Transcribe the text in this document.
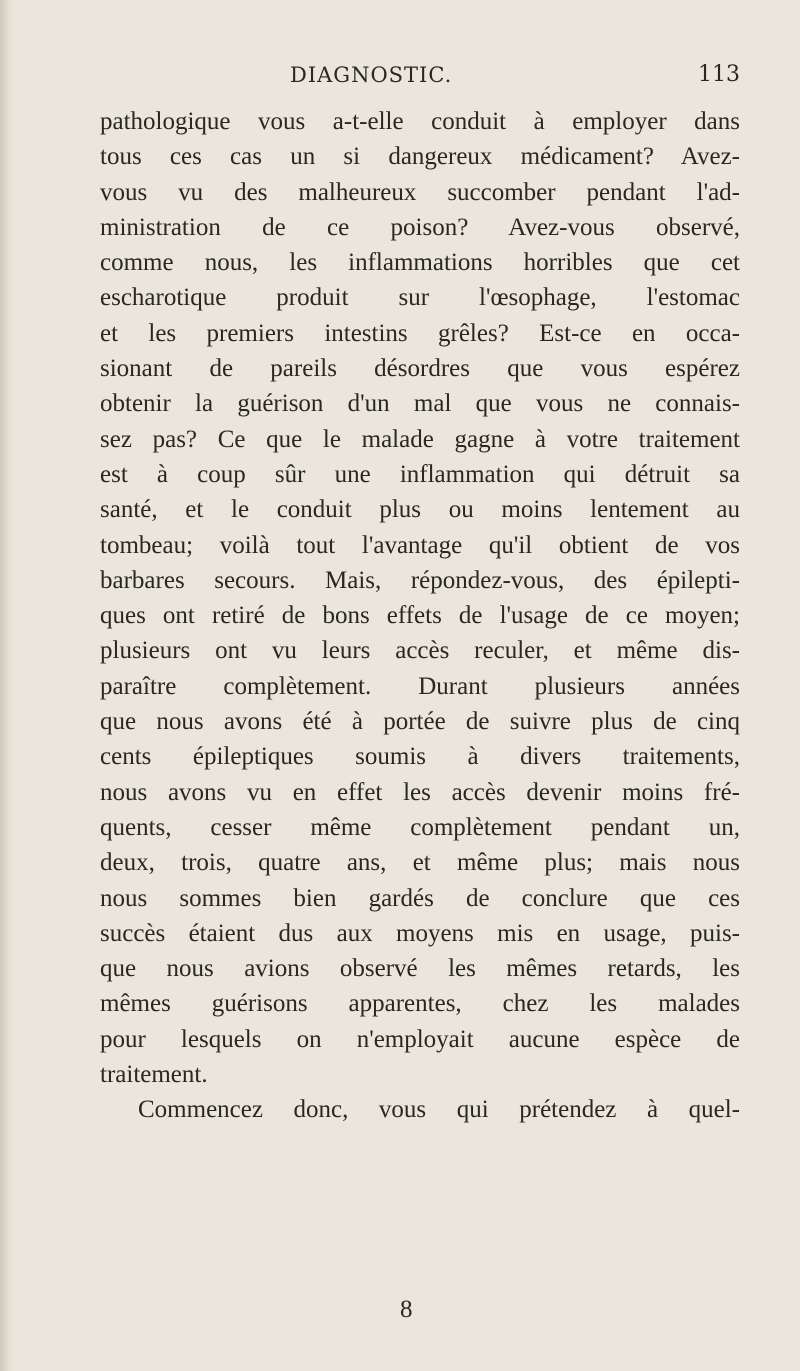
DIAGNOSTIC.	113
pathologique vous a-t-elle conduit à employer dans
tous ces cas un si dangereux médicament? Avez-
vous vu des malheureux succomber pendant l'ad-
ministration de ce poison? Avez-vous observé,
comme nous, les inflammations horribles que cet
escharotique produit sur l'œsophage, l'estomac
et les premiers intestins grêles? Est-ce en occa-
sionant de pareils désordres que vous espérez
obtenir la guérison d'un mal que vous ne connais-
sez pas? Ce que le malade gagne à votre traitement
est à coup sûr une inflammation qui détruit sa
santé, et le conduit plus ou moins lentement au
tombeau; voilà tout l'avantage qu'il obtient de vos
barbares secours. Mais, répondez-vous, des épilepti-
ques ont retiré de bons effets de l'usage de ce moyen;
plusieurs ont vu leurs accès reculer, et même dis-
paraître complètement. Durant plusieurs années
que nous avons été à portée de suivre plus de cinq
cents épileptiques soumis à divers traitements,
nous avons vu en effet les accès devenir moins fré-
quents, cesser même complètement pendant un,
deux, trois, quatre ans, et même plus; mais nous
nous sommes bien gardés de conclure que ces
succès étaient dus aux moyens mis en usage, puis-
que nous avions observé les mêmes retards, les
mêmes guérisons apparentes, chez les malades
pour lesquels on n'employait aucune espèce de
traitement.
Commencez donc, vous qui prétendez à quel-
8
